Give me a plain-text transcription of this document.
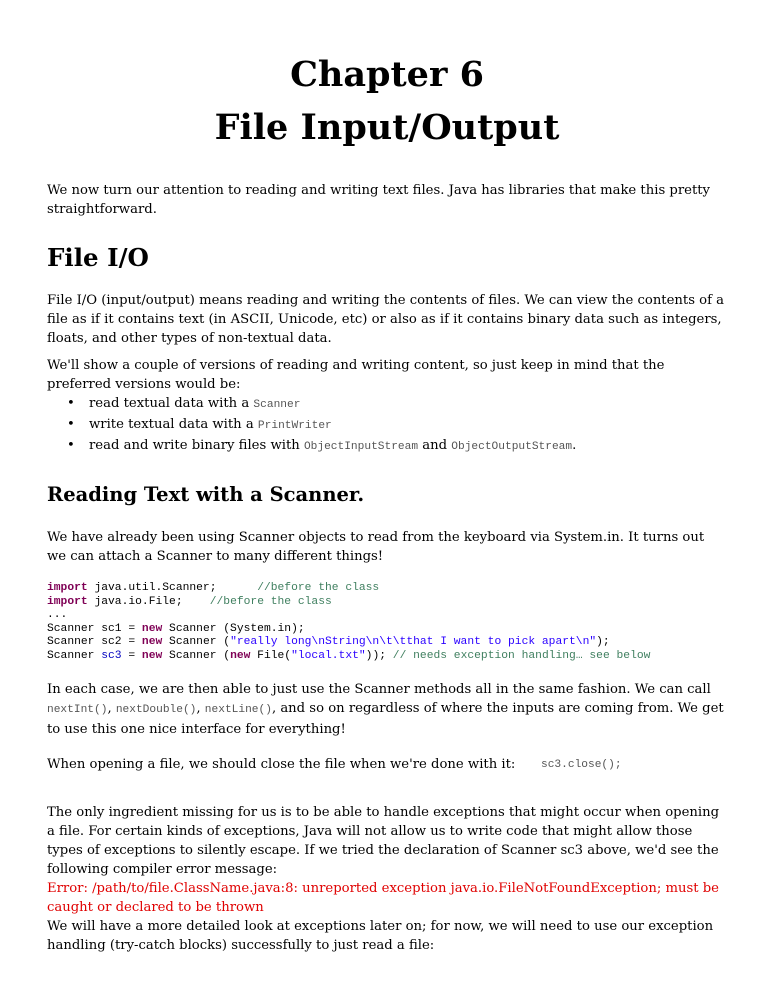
Chapter 6
File Input/Output

We now turn our attention to reading and writing text files. Java has libraries that make this pretty straightforward.

File I/O

File I/O (input/output) means reading and writing the contents of files. We can view the contents of a file as if it contains text (in ASCII, Unicode, etc) or also as if it contains binary data such as integers, floats, and other types of non-textual data.

We'll show a couple of versions of reading and writing content, so just keep in mind that the preferred versions would be:

• read textual data with a Scanner
• write textual data with a PrintWriter
• read and write binary files with ObjectInputStream and ObjectOutputStream.
Reading Text with a Scanner.

We have already been using Scanner objects to read from the keyboard via System.in. It turns out we can attach a Scanner to many different things!

import java.util.Scanner;	//before the class
import java.io.File; //before the class
...
Scanner sc1 = new Scanner (System.in);
Scanner sc2 = new Scanner ("really long\nString\n\t\tthat I want to pick apart\n");
Scanner sc3 = new Scanner (new File("local.txt")); // needs exception handling… see below

In each case, we are then able to just use the Scanner methods all in the same fashion. We can call nextInt(), nextDouble(), nextLine(), and so on regardless of where the inputs are coming from. We get to use this one nice interface for everything!

When opening a file, we should close the file when we're done with it: sc3.close();

The only ingredient missing for us is to be able to handle exceptions that might occur when opening a file. For certain kinds of exceptions, Java will not allow us to write code that might allow those types of exceptions to silently escape. If we tried the declaration of Scanner sc3 above, we'd see the following compiler error message:

Error: /path/to/file.ClassName.java:8: unreported exception java.io.FileNotFoundException; must be caught or declared to be thrown

We will have a more detailed look at exceptions later on; for now, we will need to use our exception handling (try-catch blocks) successfully to just read a file:
